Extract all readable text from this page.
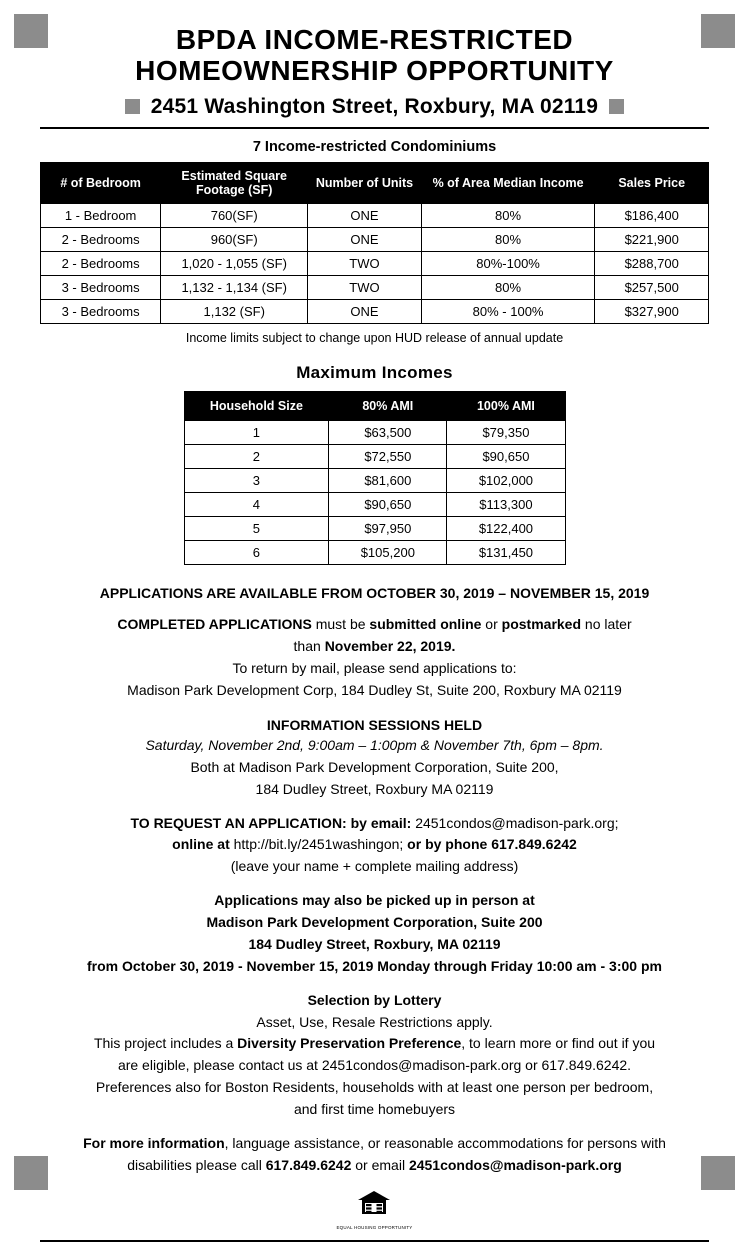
BPDA INCOME-RESTRICTED
HOMEOWNERSHIP OPPORTUNITY
2451 Washington Street, Roxbury, MA 02119
7 Income-restricted Condominiums
# of Bedroom	Estimated Square Footage (SF)	Number of Units	% of Area Median Income	Sales Price
1 - Bedroom	760(SF)	ONE	80%	$186,400
2 - Bedrooms	960(SF)	ONE	80%	$221,900
2 - Bedrooms	1,020 - 1,055 (SF)	TWO	80%-100%	$288,700
3 - Bedrooms	1,132 - 1,134 (SF)	TWO	80%	$257,500
3 - Bedrooms	1,132 (SF)	ONE	80% - 100%	$327,900
Income limits subject to change upon HUD release of annual update
Maximum Incomes
Household Size	80% AMI	100% AMI
1	$63,500	$79,350
2	$72,550	$90,650
3	$81,600	$102,000
4	$90,650	$113,300
5	$97,950	$122,400
6	$105,200	$131,450
APPLICATIONS ARE AVAILABLE FROM OCTOBER 30, 2019 – NOVEMBER 15, 2019
COMPLETED APPLICATIONS must be submitted online or postmarked no later
than November 22, 2019.
To return by mail, please send applications to:
Madison Park Development Corp, 184 Dudley St, Suite 200, Roxbury MA 02119
INFORMATION SESSIONS HELD
Saturday, November 2nd, 9:00am – 1:00pm & November 7th, 6pm – 8pm.
Both at Madison Park Development Corporation, Suite 200,
184 Dudley Street, Roxbury MA 02119
TO REQUEST AN APPLICATION: by email: 2451condos@madison-park.org;
online at http://bit.ly/2451washingon; or by phone 617.849.6242
(leave your name + complete mailing address)
Applications may also be picked up in person at
Madison Park Development Corporation, Suite 200
184 Dudley Street, Roxbury, MA 02119
from October 30, 2019 - November 15, 2019 Monday through Friday 10:00 am - 3:00 pm
Selection by Lottery
Asset, Use, Resale Restrictions apply.
This project includes a Diversity Preservation Preference, to learn more or find out if you
are eligible, please contact us at 2451condos@madison-park.org or 617.849.6242.
Preferences also for Boston Residents, households with at least one person per bedroom,
and first time homebuyers
For more information, language assistance, or reasonable accommodations for persons with
disabilities please call 617.849.6242 or email 2451condos@madison-park.org
EQUAL HOUSING OPPORTUNITY
